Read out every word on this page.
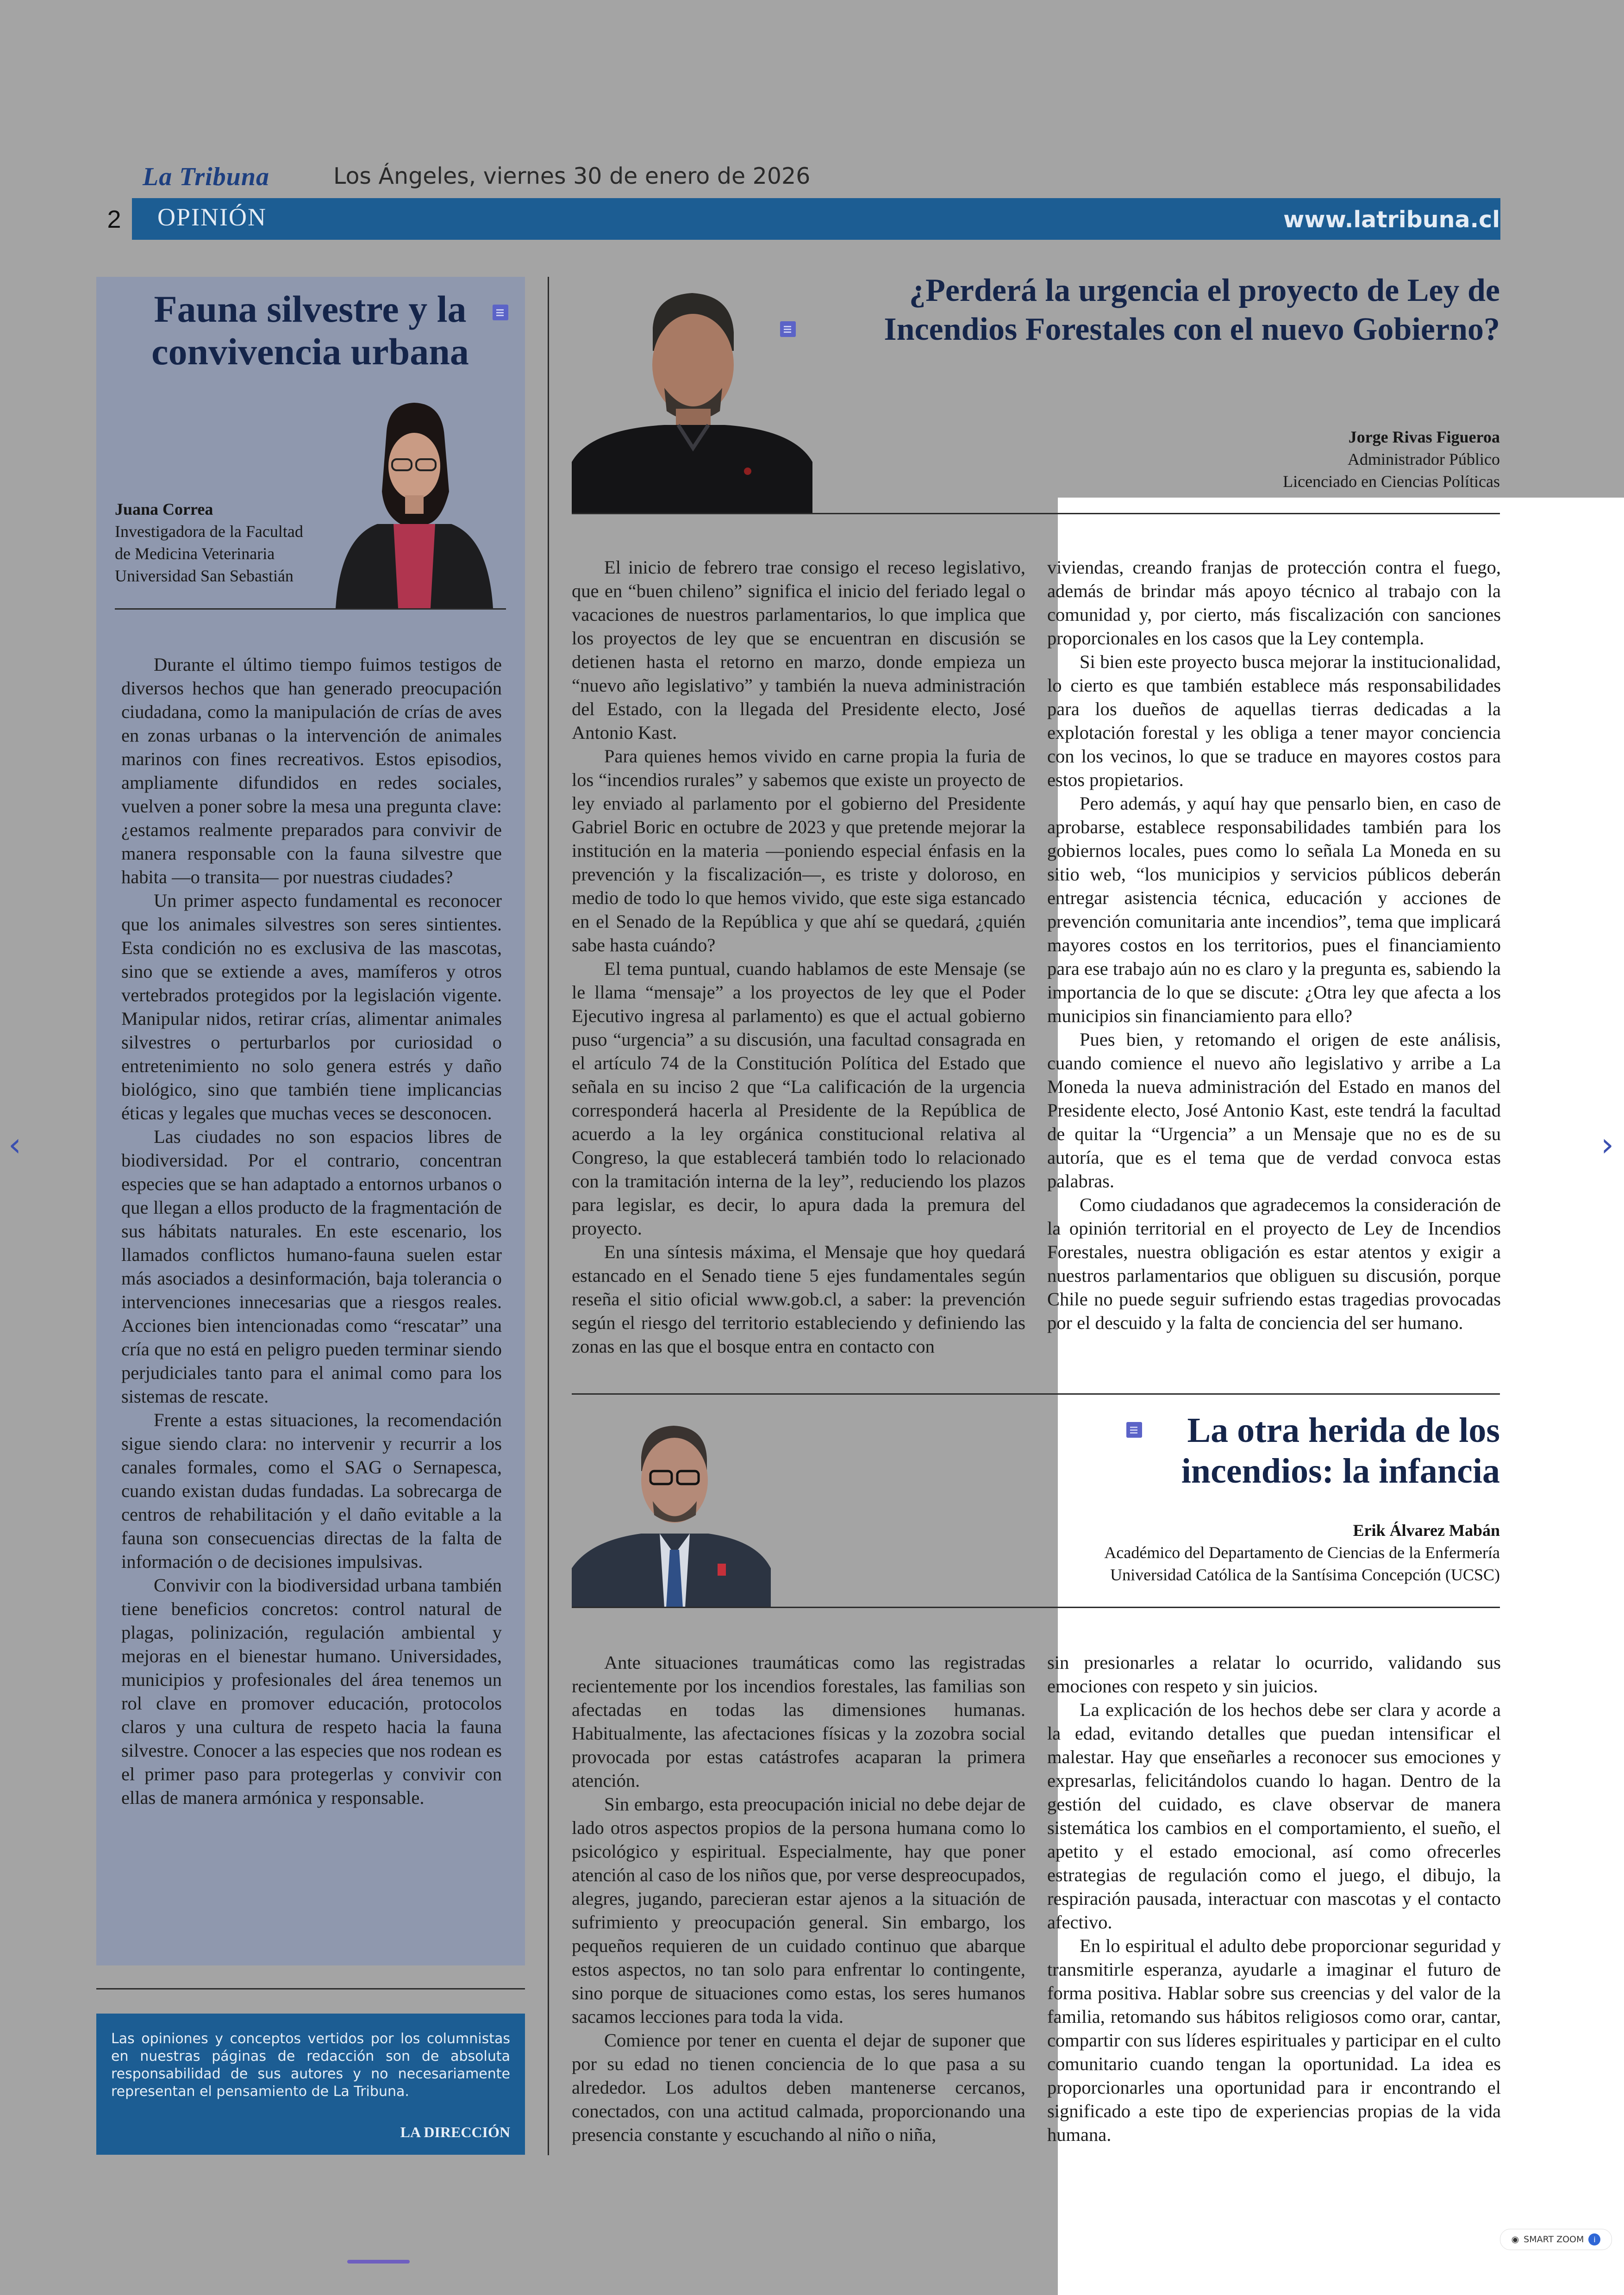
La Tribuna	Los Ángeles, viernes 30 de enero de 2026
2	OPINIÓN	www.latribuna.cl
Fauna silvestre y la convivencia urbana
Juana Correa
Investigadora de la Facultad
de Medicina Veterinaria
Universidad San Sebastián

Durante el último tiempo fuimos testigos de diversos hechos que han generado preocupación ciudadana, como la manipulación de crías de aves en zonas urbanas o la intervención de animales marinos con fines recreativos. Estos episodios, ampliamente difundidos en redes sociales, vuelven a poner sobre la mesa una pregunta clave: ¿estamos realmente preparados para convivir de manera responsable con la fauna silvestre que habita —o transita— por nuestras ciudades?

Un primer aspecto fundamental es reconocer que los animales silvestres son seres sintientes. Esta condición no es exclusiva de las mascotas, sino que se extiende a aves, mamíferos y otros vertebrados protegidos por la legislación vigente. Manipular nidos, retirar crías, alimentar animales silvestres o perturbarlos por curiosidad o entretenimiento no solo genera estrés y daño biológico, sino que también tiene implicancias éticas y legales que muchas veces se desconocen.

Las ciudades no son espacios libres de biodiversidad. Por el contrario, concentran especies que se han adaptado a entornos urbanos o que llegan a ellos producto de la fragmentación de sus hábitats naturales. En este escenario, los llamados conflictos humano-fauna suelen estar más asociados a desinformación, baja tolerancia o intervenciones innecesarias que a riesgos reales. Acciones bien intencionadas como “rescatar” una cría que no está en peligro pueden terminar siendo perjudiciales tanto para el animal como para los sistemas de rescate.

Frente a estas situaciones, la recomendación sigue siendo clara: no intervenir y recurrir a los canales formales, como el SAG o Sernapesca, cuando existan dudas fundadas. La sobrecarga de centros de rehabilitación y el daño evitable a la fauna son consecuencias directas de la falta de información o de decisiones impulsivas.

Convivir con la biodiversidad urbana también tiene beneficios concretos: control natural de plagas, polinización, regulación ambiental y mejoras en el bienestar humano. Universidades, municipios y profesionales del área tenemos un rol clave en promover educación, protocolos claros y una cultura de respeto hacia la fauna silvestre. Conocer a las especies que nos rodean es el primer paso para protegerlas y convivir con ellas de manera armónica y responsable.

Las opiniones y conceptos vertidos por los columnistas en nuestras páginas de redacción son de absoluta responsabilidad de sus autores y no necesariamente representan el pensamiento de La Tribuna.
LA DIRECCIÓN
¿Perderá la urgencia el proyecto de Ley de Incendios Forestales con el nuevo Gobierno?
Jorge Rivas Figueroa
Administrador Público
Licenciado en Ciencias Políticas

El inicio de febrero trae consigo el receso legislativo, que en “buen chileno” significa el inicio del feriado legal o vacaciones de nuestros parlamentarios, lo que implica que los proyectos de ley que se encuentran en discusión se detienen hasta el retorno en marzo, donde empieza un “nuevo año legislativo” y también la nueva administración del Estado, con la llegada del Presidente electo, José Antonio Kast.

Para quienes hemos vivido en carne propia la furia de los “incendios rurales” y sabemos que existe un proyecto de ley enviado al parlamento por el gobierno del Presidente Gabriel Boric en octubre de 2023 y que pretende mejorar la institución en la materia —poniendo especial énfasis en la prevención y la fiscalización—, es triste y doloroso, en medio de todo lo que hemos vivido, que este siga estancado en el Senado de la República y que ahí se quedará, ¿quién sabe hasta cuándo?

El tema puntual, cuando hablamos de este Mensaje (se le llama “mensaje” a los proyectos de ley que el Poder Ejecutivo ingresa al parlamento) es que el actual gobierno puso “urgencia” a su discusión, una facultad consagrada en el artículo 74 de la Constitución Política del Estado que señala en su inciso 2 que “La calificación de la urgencia corresponderá hacerla al Presidente de la República de acuerdo a la ley orgánica constitucional relativa al Congreso, la que establecerá también todo lo relacionado con la tramitación interna de la ley”, reduciendo los plazos para legislar, es decir, lo apura dada la premura del proyecto.

En una síntesis máxima, el Mensaje que hoy quedará estancado en el Senado tiene 5 ejes fundamentales según reseña el sitio oficial www.gob.cl, a saber: la prevención según el riesgo del territorio estableciendo y definiendo las zonas en las que el bosque entra en contacto con

viviendas, creando franjas de protección contra el fuego, además de brindar más apoyo técnico al trabajo con la comunidad y, por cierto, más fiscalización con sanciones proporcionales en los casos que la Ley contempla.

Si bien este proyecto busca mejorar la institucionalidad, lo cierto es que también establece más responsabilidades para los dueños de aquellas tierras dedicadas a la explotación forestal y les obliga a tener mayor conciencia con los vecinos, lo que se traduce en mayores costos para estos propietarios.

Pero además, y aquí hay que pensarlo bien, en caso de aprobarse, establece responsabilidades también para los gobiernos locales, pues como lo señala La Moneda en su sitio web, “los municipios y servicios públicos deberán entregar asistencia técnica, educación y acciones de prevención comunitaria ante incendios”, tema que implicará mayores costos en los territorios, pues el financiamiento para ese trabajo aún no es claro y la pregunta es, sabiendo la importancia de lo que se discute: ¿Otra ley que afecta a los municipios sin financiamiento para ello?

Pues bien, y retomando el origen de este análisis, cuando comience el nuevo año legislativo y arribe a La Moneda la nueva administración del Estado en manos del Presidente electo, José Antonio Kast, este tendrá la facultad de quitar la “Urgencia” a un Mensaje que no es de su autoría, que es el tema que de verdad convoca estas palabras.

Como ciudadanos que agradecemos la consideración de la opinión territorial en el proyecto de Ley de Incendios Forestales, nuestra obligación es estar atentos y exigir a nuestros parlamentarios que obliguen su discusión, porque Chile no puede seguir sufriendo estas tragedias provocadas por el descuido y la falta de conciencia del ser humano.

La otra herida de los incendios: la infancia
Erik Álvarez Mabán
Académico del Departamento de Ciencias de la Enfermería
Universidad Católica de la Santísima Concepción (UCSC)

Ante situaciones traumáticas como las registradas recientemente por los incendios forestales, las familias son afectadas en todas las dimensiones humanas. Habitualmente, las afectaciones físicas y la zozobra social provocada por estas catástrofes acaparan la primera atención.

Sin embargo, esta preocupación inicial no debe dejar de lado otros aspectos propios de la persona humana como lo psicológico y espiritual. Especialmente, hay que poner atención al caso de los niños que, por verse despreocupados, alegres, jugando, parecieran estar ajenos a la situación de sufrimiento y preocupación general. Sin embargo, los pequeños requieren de un cuidado continuo que abarque estos aspectos, no tan solo para enfrentar lo contingente, sino porque de situaciones como estas, los seres humanos sacamos lecciones para toda la vida.

Comience por tener en cuenta el dejar de suponer que por su edad no tienen conciencia de lo que pasa a su alrededor. Los adultos deben mantenerse cercanos, conectados, con una actitud calmada, proporcionando una presencia constante y escuchando al niño o niña,

sin presionarles a relatar lo ocurrido, validando sus emociones con respeto y sin juicios.

La explicación de los hechos debe ser clara y acorde a la edad, evitando detalles que puedan intensificar el malestar. Hay que enseñarles a reconocer sus emociones y expresarlas, felicitándolos cuando lo hagan. Dentro de la gestión del cuidado, es clave observar de manera sistemática los cambios en el comportamiento, el sueño, el apetito y el estado emocional, así como ofrecerles estrategias de regulación como el juego, el dibujo, la respiración pausada, interactuar con mascotas y el contacto afectivo.

En lo espiritual el adulto debe proporcionar seguridad y transmitirle esperanza, ayudarle a imaginar el futuro de forma positiva. Hablar sobre sus creencias y del valor de la familia, retomando sus hábitos religiosos como orar, cantar, compartir con sus líderes espirituales y participar en el culto comunitario cuando tengan la oportunidad. La idea es proporcionarles una oportunidad para ir encontrando el significado a este tipo de experiencias propias de la vida humana.

‹	›
◉ SMART ZOOM	i
